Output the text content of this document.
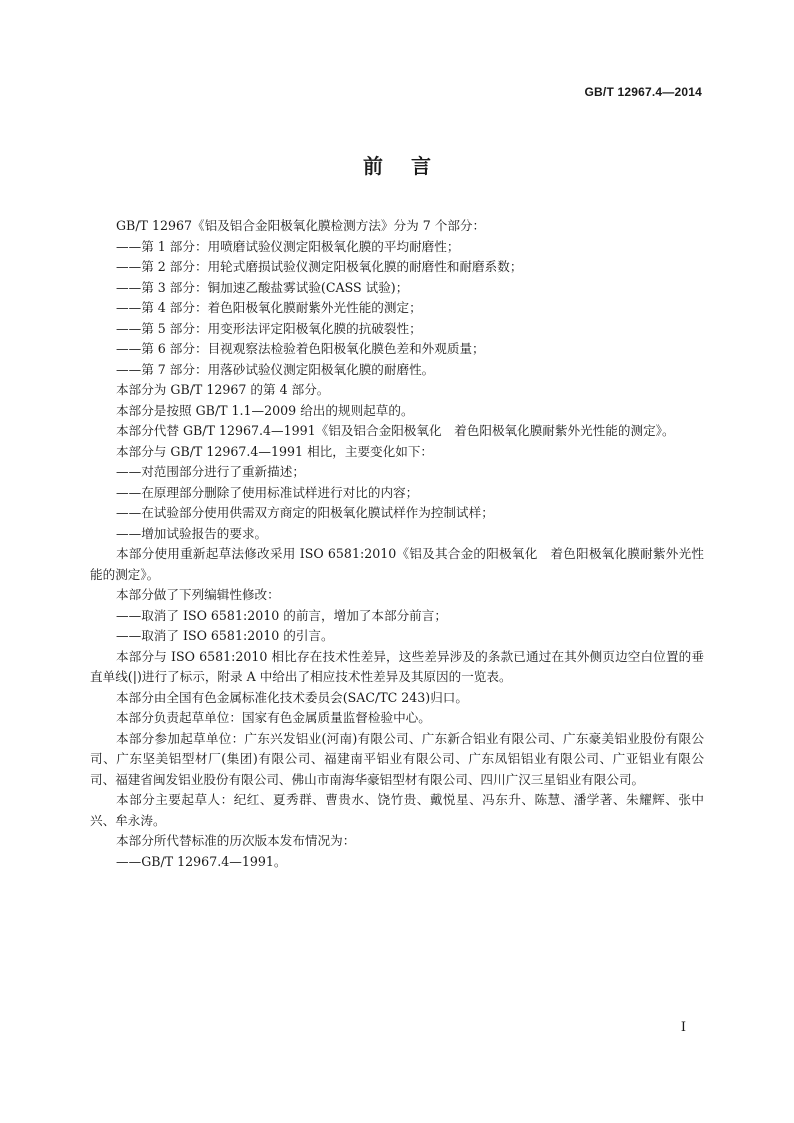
GB/T 12967.4—2014
前言

GB/T 12967《铝及铝合金阳极氧化膜检测方法》分为 7 个部分：

——第 1 部分：用喷磨试验仪测定阳极氧化膜的平均耐磨性；

——第 2 部分：用轮式磨损试验仪测定阳极氧化膜的耐磨性和耐磨系数；

——第 3 部分：铜加速乙酸盐雾试验(CASS 试验)；

——第 4 部分：着色阳极氧化膜耐紫外光性能的测定；

——第 5 部分：用变形法评定阳极氧化膜的抗破裂性；

——第 6 部分：目视观察法检验着色阳极氧化膜色差和外观质量；

——第 7 部分：用落砂试验仪测定阳极氧化膜的耐磨性。

本部分为 GB/T 12967 的第 4 部分。

本部分是按照 GB/T 1.1—2009 给出的规则起草的。

本部分代替 GB/T 12967.4—1991《铝及铝合金阳极氧化　着色阳极氧化膜耐紫外光性能的测定》。

本部分与 GB/T 12967.4—1991 相比，主要变化如下：

——对范围部分进行了重新描述；

——在原理部分删除了使用标准试样进行对比的内容；

——在试验部分使用供需双方商定的阳极氧化膜试样作为控制试样；

——增加试验报告的要求。

本部分使用重新起草法修改采用 ISO 6581:2010《铝及其合金的阳极氧化　着色阳极氧化膜耐紫外光性能的测定》。

本部分做了下列编辑性修改：

——取消了 ISO 6581:2010 的前言，增加了本部分前言；

——取消了 ISO 6581:2010 的引言。

本部分与 ISO 6581:2010 相比存在技术性差异，这些差异涉及的条款已通过在其外侧页边空白位置的垂直单线(|)进行了标示，附录 A 中给出了相应技术性差异及其原因的一览表。

本部分由全国有色金属标准化技术委员会(SAC/TC 243)归口。

本部分负责起草单位：国家有色金属质量监督检验中心。

本部分参加起草单位：广东兴发铝业(河南)有限公司、广东新合铝业有限公司、广东豪美铝业股份有限公司、广东坚美铝型材厂(集团)有限公司、福建南平铝业有限公司、广东凤铝铝业有限公司、广亚铝业有限公司、福建省闽发铝业股份有限公司、佛山市南海华豪铝型材有限公司、四川广汉三星铝业有限公司。

本部分主要起草人：纪红、夏秀群、曹贵水、饶竹贵、戴悦星、冯东升、陈慧、潘学著、朱耀辉、张中兴、牟永涛。

本部分所代替标准的历次版本发布情况为：

——GB/T 12967.4—1991。

I
